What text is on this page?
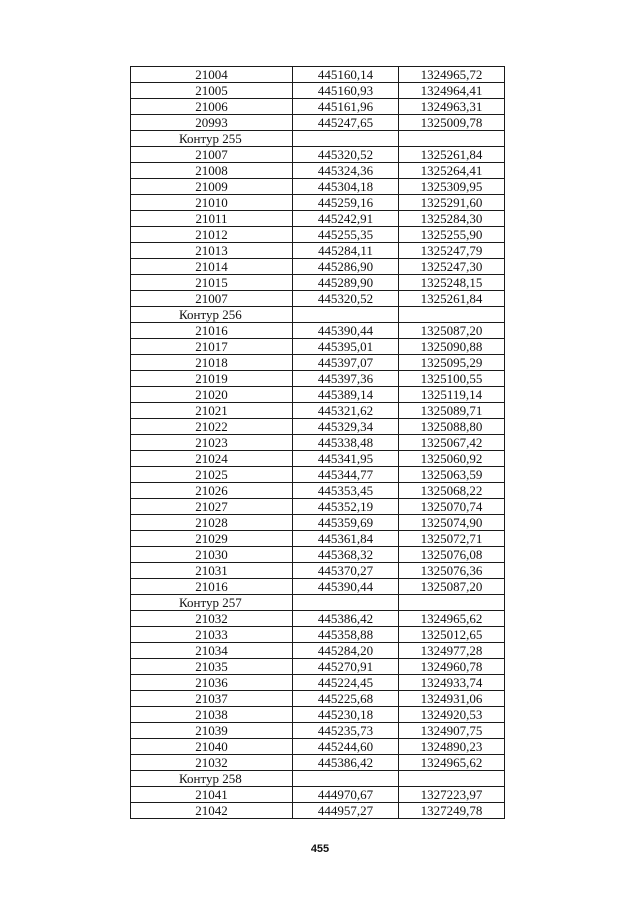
21004	445160,14	1324965,72
21005	445160,93	1324964,41
21006	445161,96	1324963,31
20993	445247,65	1325009,78
Контур 255		
21007	445320,52	1325261,84
21008	445324,36	1325264,41
21009	445304,18	1325309,95
21010	445259,16	1325291,60
21011	445242,91	1325284,30
21012	445255,35	1325255,90
21013	445284,11	1325247,79
21014	445286,90	1325247,30
21015	445289,90	1325248,15
21007	445320,52	1325261,84
Контур 256		
21016	445390,44	1325087,20
21017	445395,01	1325090,88
21018	445397,07	1325095,29
21019	445397,36	1325100,55
21020	445389,14	1325119,14
21021	445321,62	1325089,71
21022	445329,34	1325088,80
21023	445338,48	1325067,42
21024	445341,95	1325060,92
21025	445344,77	1325063,59
21026	445353,45	1325068,22
21027	445352,19	1325070,74
21028	445359,69	1325074,90
21029	445361,84	1325072,71
21030	445368,32	1325076,08
21031	445370,27	1325076,36
21016	445390,44	1325087,20
Контур 257		
21032	445386,42	1324965,62
21033	445358,88	1325012,65
21034	445284,20	1324977,28
21035	445270,91	1324960,78
21036	445224,45	1324933,74
21037	445225,68	1324931,06
21038	445230,18	1324920,53
21039	445235,73	1324907,75
21040	445244,60	1324890,23
21032	445386,42	1324965,62
Контур 258		
21041	444970,67	1327223,97
21042	444957,27	1327249,78
455
